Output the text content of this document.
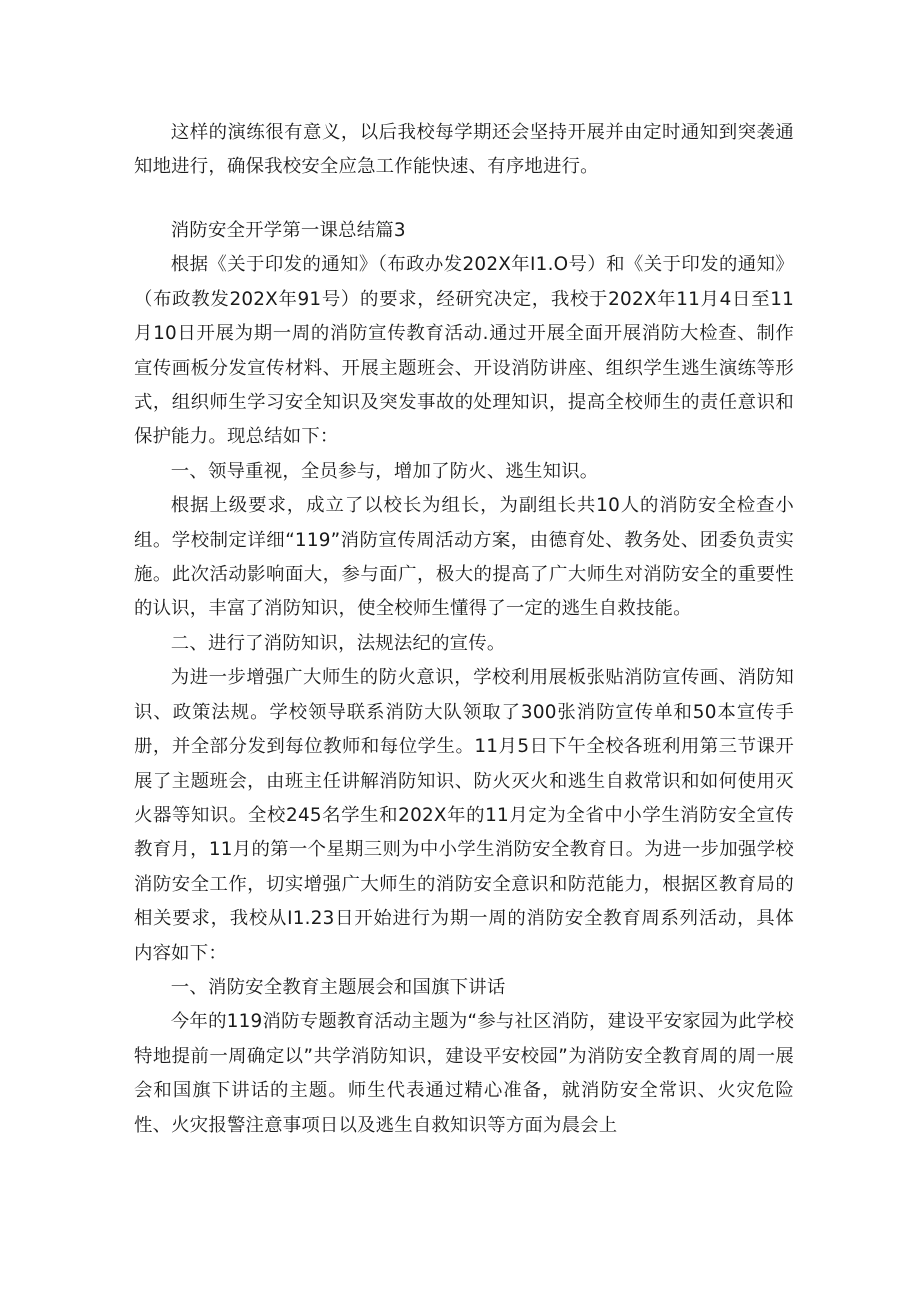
这样的演练很有意义，以后我校每学期还会坚持开展并由定时通知到突袭通知地进行，确保我校安全应急工作能快速、有序地进行。

消防安全开学第一课总结篇3

根据《关于印发的通知》（布政办发202X年I1.O号）和《关于印发的通知》（布政教发202X年91号）的要求，经研究决定，我校于202X年11月4日至11月10日开展为期一周的消防宣传教育活动.通过开展全面开展消防大检查、制作宣传画板分发宣传材料、开展主题班会、开设消防讲座、组织学生逃生演练等形式，组织师生学习安全知识及突发事故的处理知识，提高全校师生的责任意识和保护能力。现总结如下：

一、领导重视，全员参与，增加了防火、逃生知识。

根据上级要求，成立了以校长为组长，为副组长共10人的消防安全检查小组。学校制定详细“119”消防宣传周活动方案，由德育处、教务处、团委负责实施。此次活动影响面大，参与面广，极大的提高了广大师生对消防安全的重要性的认识，丰富了消防知识，使全校师生懂得了一定的逃生自救技能。

二、进行了消防知识，法规法纪的宣传。

为进一步增强广大师生的防火意识，学校利用展板张贴消防宣传画、消防知识、政策法规。学校领导联系消防大队领取了300张消防宣传单和50本宣传手册，并全部分发到每位教师和每位学生。11月5日下午全校各班利用第三节课开展了主题班会，由班主任讲解消防知识、防火灭火和逃生自救常识和如何使用灭火器等知识。全校245名学生和202X年的11月定为全省中小学生消防安全宣传教育月，11月的第一个星期三则为中小学生消防安全教育日。为进一步加强学校消防安全工作，切实增强广大师生的消防安全意识和防范能力，根据区教育局的相关要求，我校从I1.23日开始进行为期一周的消防安全教育周系列活动，具体内容如下：

一、消防安全教育主题展会和国旗下讲话

今年的119消防专题教育活动主题为“参与社区消防，建设平安家园为此学校特地提前一周确定以”共学消防知识，建设平安校园”为消防安全教育周的周一展会和国旗下讲话的主题。师生代表通过精心准备，就消防安全常识、火灾危险性、火灾报警注意事项日以及逃生自救知识等方面为晨会上
